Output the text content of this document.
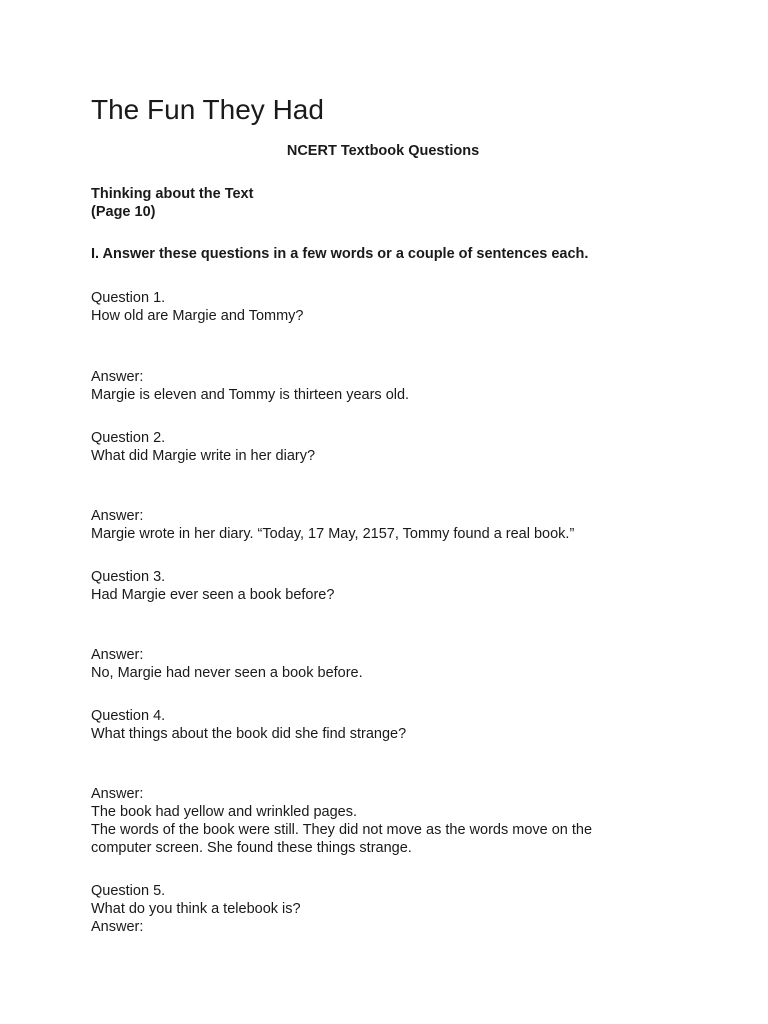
The Fun They Had

NCERT Textbook Questions

Thinking about the Text
(Page 10)

I. Answer these questions in a few words or a couple of sentences each.

Question 1.
How old are Margie and Tommy?
Answer:
Margie is eleven and Tommy is thirteen years old.
Question 2.
What did Margie write in her diary?
Answer:
Margie wrote in her diary. “Today, 17 May, 2157, Tommy found a real book.”
Question 3.
Had Margie ever seen a book before?
Answer:
No, Margie had never seen a book before.
Question 4.
What things about the book did she find strange?
Answer:
The book had yellow and wrinkled pages.
The words of the book were still. They did not move as the words move on the
computer screen. She found these things strange.
Question 5.
What do you think a telebook is?
Answer:
